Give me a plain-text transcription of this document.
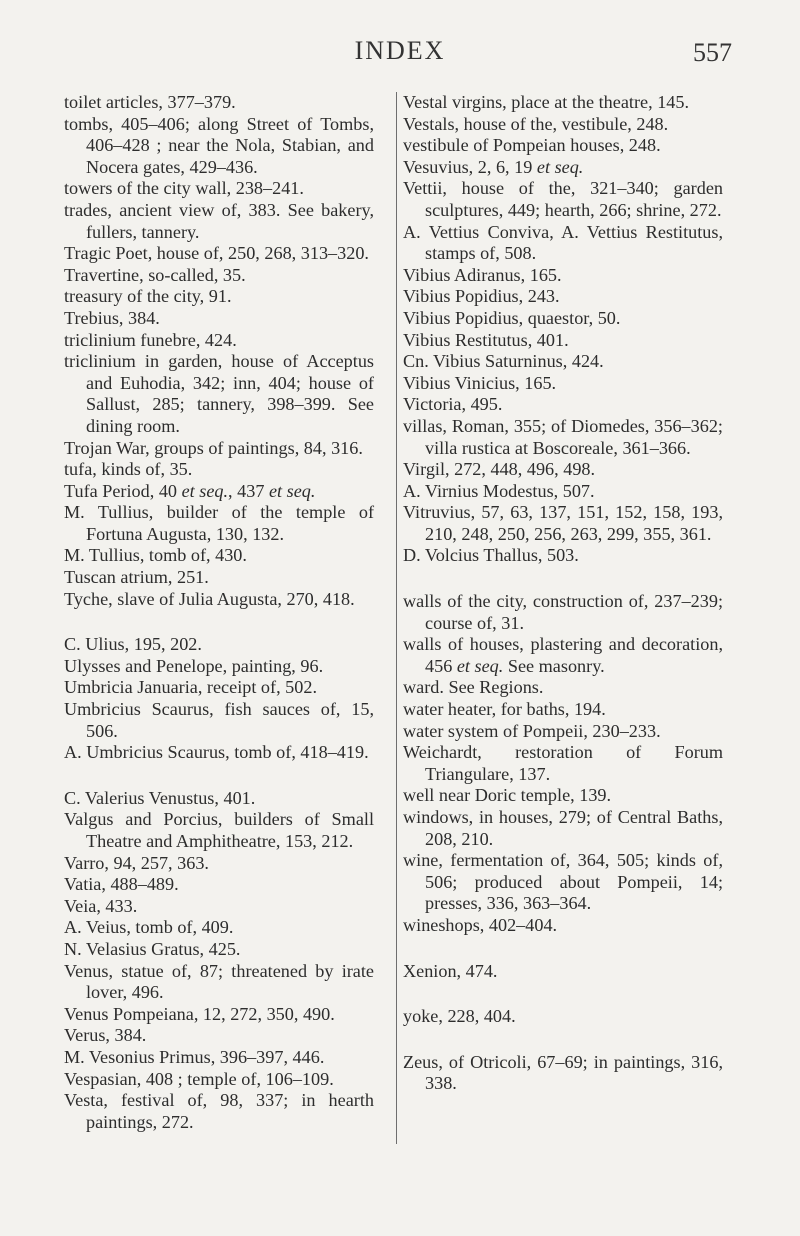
INDEX	557

toilet articles, 377–379.

tombs, 405–406; along Street of Tombs, 406–428 ; near the Nola, Stabian, and Nocera gates, 429–436.

towers of the city wall, 238–241.

trades, ancient view of, 383. See bakery, fullers, tannery.

Tragic Poet, house of, 250, 268, 313–320.

Travertine, so-called, 35.

treasury of the city, 91.

Trebius, 384.

triclinium funebre, 424.

triclinium in garden, house of Acceptus and Euhodia, 342; inn, 404; house of Sallust, 285; tannery, 398–399. See dining room.

Trojan War, groups of paintings, 84, 316.

tufa, kinds of, 35.

Tufa Period, 40 et seq., 437 et seq.

M. Tullius, builder of the temple of Fortuna Augusta, 130, 132.

M. Tullius, tomb of, 430.

Tuscan atrium, 251.

Tyche, slave of Julia Augusta, 270, 418.

C. Ulius, 195, 202.

Ulysses and Penelope, painting, 96.

Umbricia Januaria, receipt of, 502.

Umbricius Scaurus, fish sauces of, 15, 506.

A. Umbricius Scaurus, tomb of, 418–419.

C. Valerius Venustus, 401.

Valgus and Porcius, builders of Small Theatre and Amphitheatre, 153, 212.

Varro, 94, 257, 363.

Vatia, 488–489.

Veia, 433.

A. Veius, tomb of, 409.

N. Velasius Gratus, 425.

Venus, statue of, 87; threatened by irate lover, 496.

Venus Pompeiana, 12, 272, 350, 490.

Verus, 384.

M. Vesonius Primus, 396–397, 446.

Vespasian, 408 ; temple of, 106–109.

Vesta, festival of, 98, 337; in hearth paintings, 272.

Vestal virgins, place at the theatre, 145.

Vestals, house of the, vestibule, 248.

vestibule of Pompeian houses, 248.

Vesuvius, 2, 6, 19 et seq.

Vettii, house of the, 321–340; garden sculptures, 449; hearth, 266; shrine, 272.

A. Vettius Conviva, A. Vettius Restitutus, stamps of, 508.

Vibius Adiranus, 165.

Vibius Popidius, 243.

Vibius Popidius, quaestor, 50.

Vibius Restitutus, 401.

Cn. Vibius Saturninus, 424.

Vibius Vinicius, 165.

Victoria, 495.

villas, Roman, 355; of Diomedes, 356–362; villa rustica at Boscoreale, 361–366.

Virgil, 272, 448, 496, 498.

A. Virnius Modestus, 507.

Vitruvius, 57, 63, 137, 151, 152, 158, 193, 210, 248, 250, 256, 263, 299, 355, 361.

D. Volcius Thallus, 503.

walls of the city, construction of, 237–239; course of, 31.

walls of houses, plastering and decoration, 456 et seq. See masonry.

ward. See Regions.

water heater, for baths, 194.

water system of Pompeii, 230–233.

Weichardt, restoration of Forum Triangulare, 137.

well near Doric temple, 139.

windows, in houses, 279; of Central Baths, 208, 210.

wine, fermentation of, 364, 505; kinds of, 506; produced about Pompeii, 14; presses, 336, 363–364.

wineshops, 402–404.

Xenion, 474.

yoke, 228, 404.

Zeus, of Otricoli, 67–69; in paintings, 316, 338.
